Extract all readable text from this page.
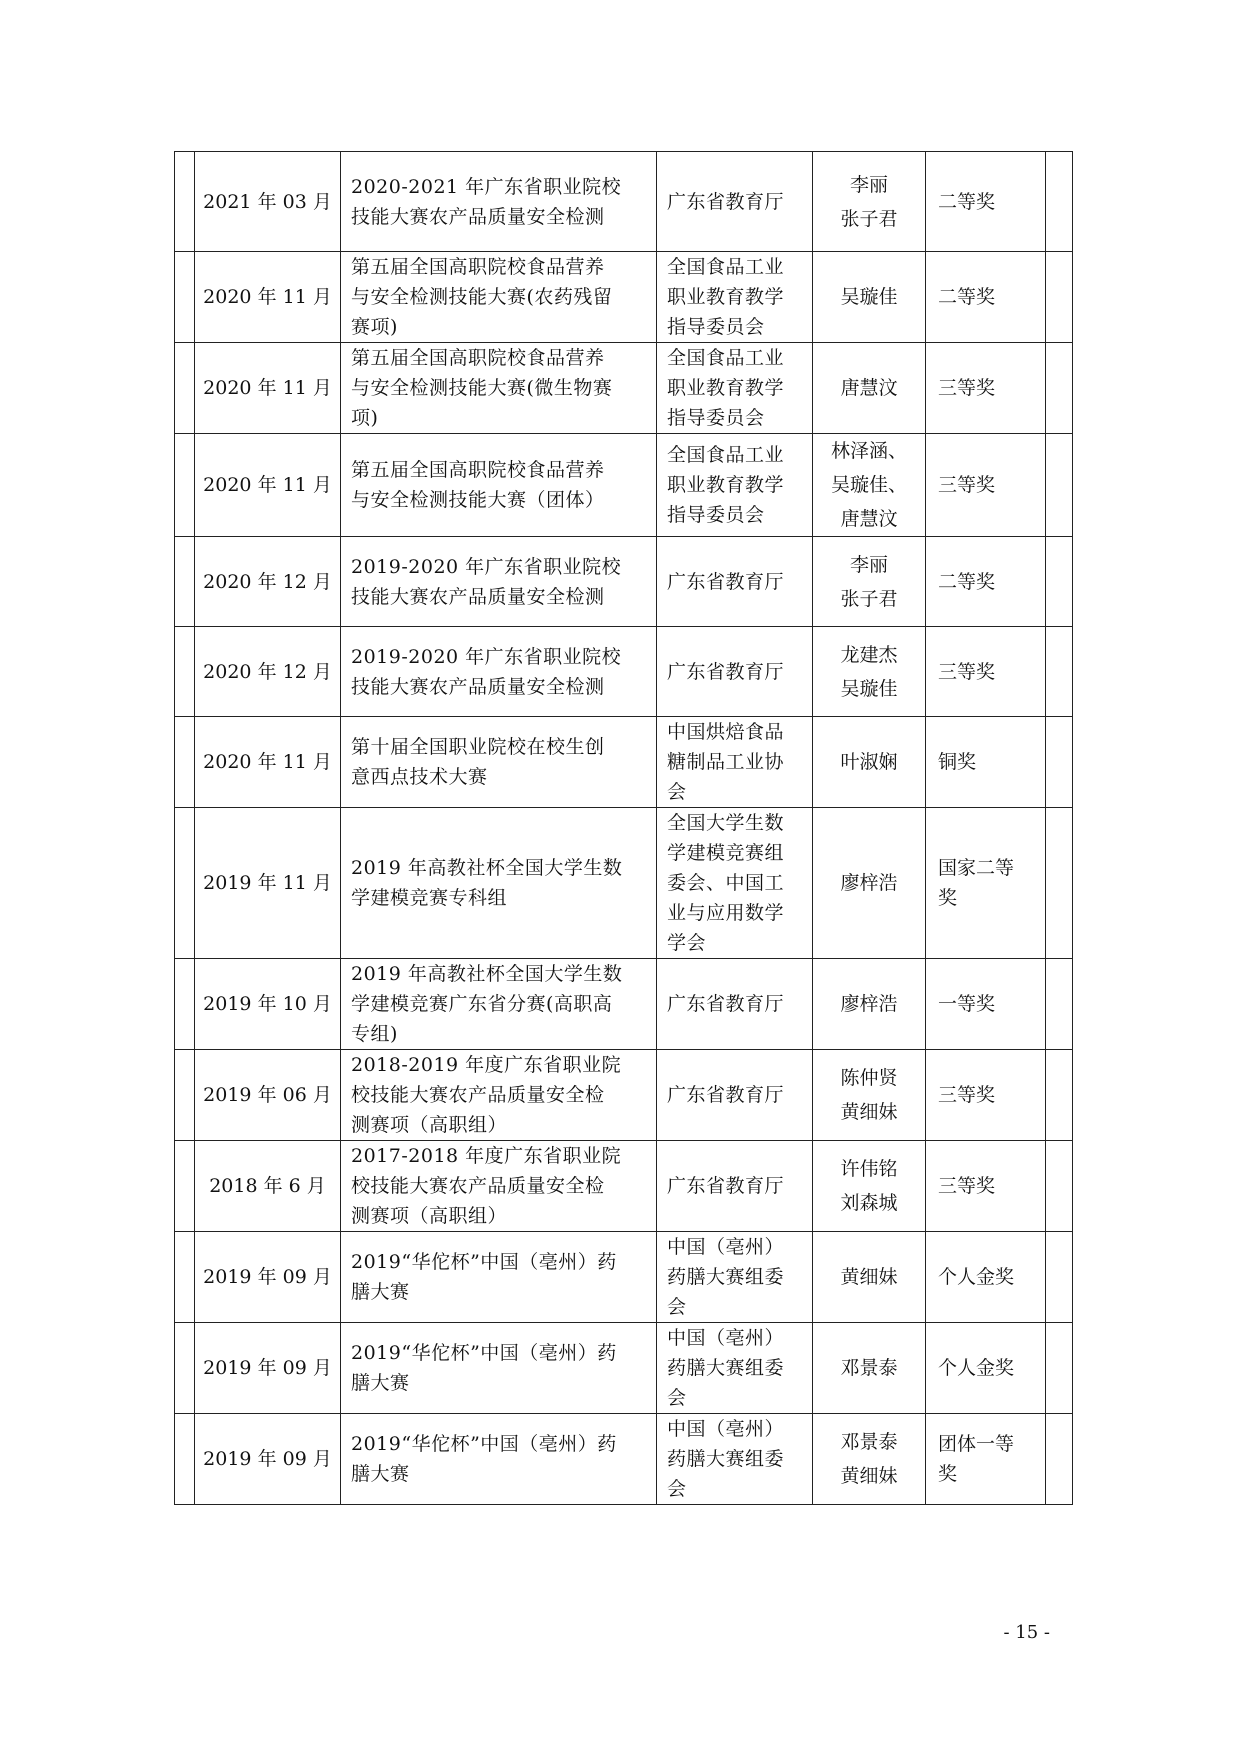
	2021 年 03 月	2020-2021 年广东省职业院校
技能大赛农产品质量安全检测	广东省教育厅	李丽
张子君	二等奖	

	2020 年 11 月	第五届全国高职院校食品营养
与安全检测技能大赛(农药残留
赛项)	全国食品工业
职业教育教学
指导委员会	吴璇佳	二等奖	

	2020 年 11 月	第五届全国高职院校食品营养
与安全检测技能大赛(微生物赛
项)	全国食品工业
职业教育教学
指导委员会	唐慧汶	三等奖	

	2020 年 11 月	第五届全国高职院校食品营养
与安全检测技能大赛（团体）	全国食品工业
职业教育教学
指导委员会	林泽涵、
吴璇佳、
唐慧汶	三等奖	

	2020 年 12 月	2019-2020 年广东省职业院校
技能大赛农产品质量安全检测	广东省教育厅	李丽
张子君	二等奖	

	2020 年 12 月	2019-2020 年广东省职业院校
技能大赛农产品质量安全检测	广东省教育厅	龙建杰
吴璇佳	三等奖	

	2020 年 11 月	第十届全国职业院校在校生创
意西点技术大赛	中国烘焙食品
糖制品工业协
会	叶淑娴	铜奖	

	2019 年 11 月	2019 年高教社杯全国大学生数
学建模竞赛专科组	全国大学生数
学建模竞赛组
委会、中国工
业与应用数学
学会	廖梓浩	国家二等
奖	

	2019 年 10 月	2019 年高教社杯全国大学生数
学建模竞赛广东省分赛(高职高
专组)	广东省教育厅	廖梓浩	一等奖	

	2019 年 06 月	2018-2019 年度广东省职业院
校技能大赛农产品质量安全检
测赛项（高职组）	广东省教育厅	陈仲贤
黄细妹	三等奖	

	2018 年 6 月	2017-2018 年度广东省职业院
校技能大赛农产品质量安全检
测赛项（高职组）	广东省教育厅	许伟铭
刘森城	三等奖	

	2019 年 09 月	2019“华佗杯”中国（亳州）药
膳大赛	中国（亳州）
药膳大赛组委
会	黄细妹	个人金奖	

	2019 年 09 月	2019“华佗杯”中国（亳州）药
膳大赛	中国（亳州）
药膳大赛组委
会	邓景泰	个人金奖	

	2019 年 09 月	2019“华佗杯”中国（亳州）药
膳大赛	中国（亳州）
药膳大赛组委
会	邓景泰
黄细妹	团体一等
奖	

- 15 -
